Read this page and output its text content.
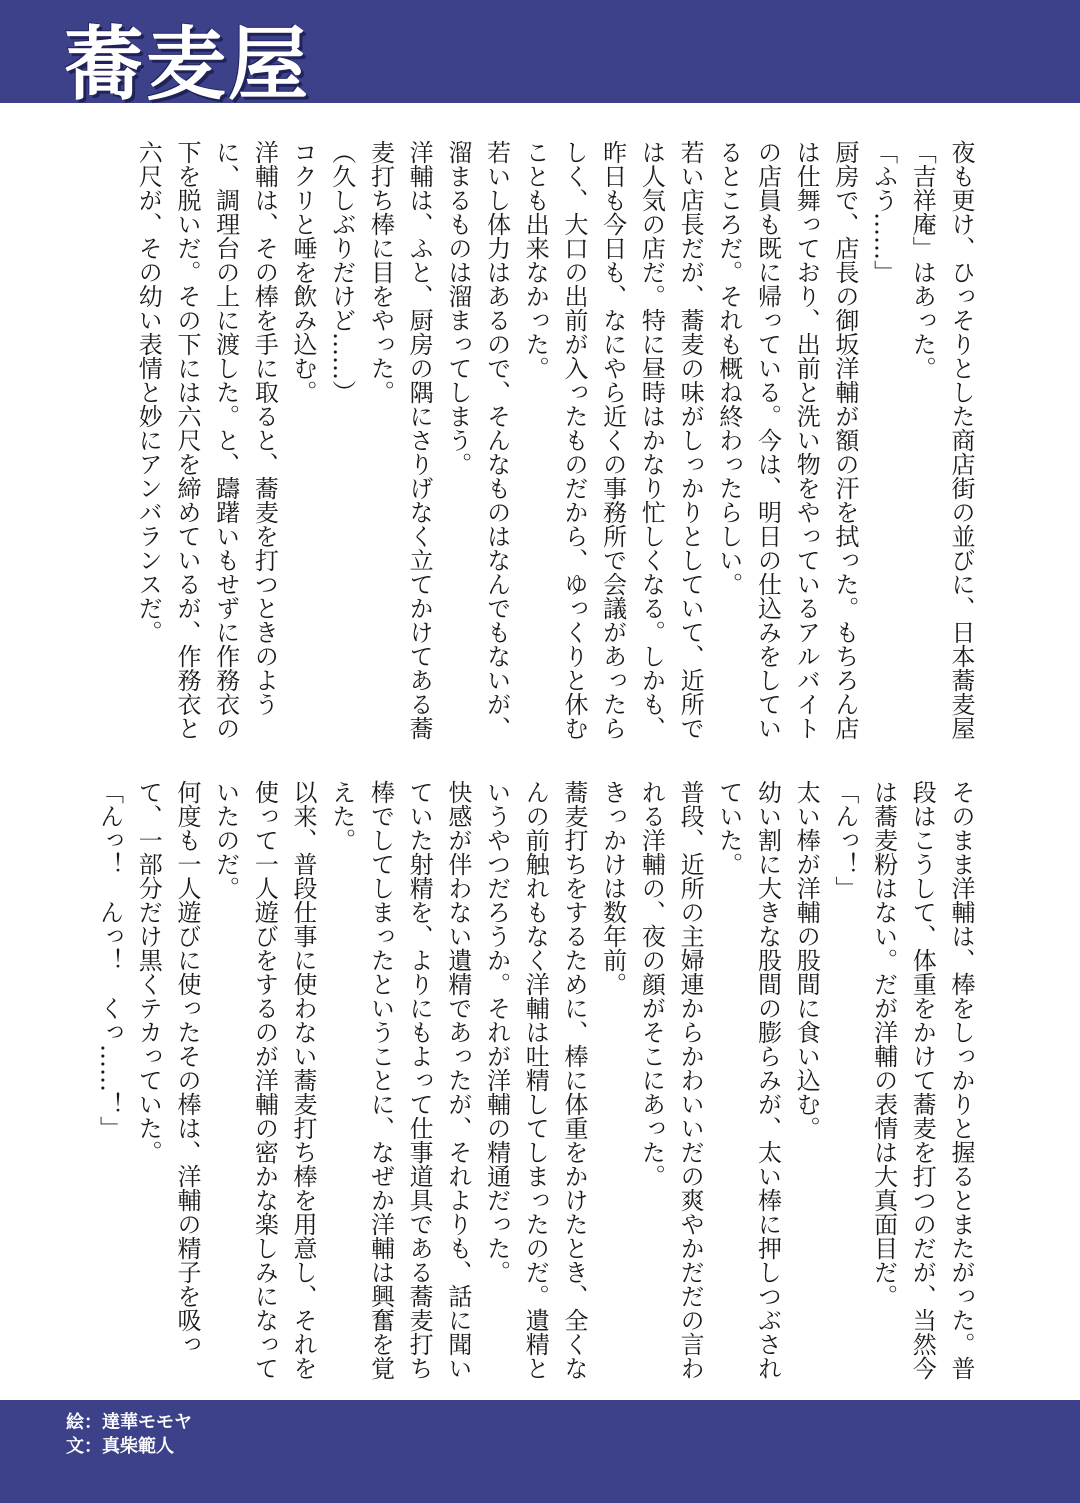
蕎麦屋

夜も更け、ひっそりとした商店街の並びに、日本蕎麦屋「吉祥庵」はあった。

「ふう……」

厨房で、店長の御坂洋輔が額の汗を拭った。もちろん店は仕舞っており、出前と洗い物をやっているアルバイトの店員も既に帰っている。今は、明日の仕込みをしているところだ。それも概ね終わったらしい。

若い店長だが、蕎麦の味がしっかりとしていて、近所では人気の店だ。特に昼時はかなり忙しくなる。しかも、昨日も今日も、なにやら近くの事務所で会議があったらしく、大口の出前が入ったものだから、ゆっくりと休むことも出来なかった。

若いし体力はあるので、そんなものはなんでもないが、溜まるものは溜まってしまう。

洋輔は、ふと、厨房の隅にさりげなく立てかけてある蕎麦打ち棒に目をやった。

（久しぶりだけど……）

コクリと唾を飲み込む。

洋輔は、その棒を手に取ると、蕎麦を打つときのように、調理台の上に渡した。と、躊躇いもせずに作務衣の下を脱いだ。その下には六尺を締めているが、作務衣と六尺が、その幼い表情と妙にアンバランスだ。

そのまま洋輔は、棒をしっかりと握るとまたがった。普段はこうして、体重をかけて蕎麦を打つのだが、当然今は蕎麦粉はない。だが洋輔の表情は大真面目だ。

「んっ！」

太い棒が洋輔の股間に食い込む。

幼い割に大きな股間の膨らみが、太い棒に押しつぶされていた。

普段、近所の主婦連からかわいいだの爽やかだだの言われる洋輔の、夜の顔がそこにあった。

きっかけは数年前。

蕎麦打ちをするために、棒に体重をかけたとき、全くなんの前触れもなく洋輔は吐精してしまったのだ。遺精というやつだろうか。それが洋輔の精通だった。

快感が伴わない遺精であったが、それよりも、話に聞いていた射精を、よりにもよって仕事道具である蕎麦打ち棒でしてしまったということに、なぜか洋輔は興奮を覚えた。

以来、普段仕事に使わない蕎麦打ち棒を用意し、それを使って一人遊びをするのが洋輔の密かな楽しみになっていたのだ。

何度も一人遊びに使ったその棒は、洋輔の精子を吸って、一部分だけ黒くテカっていた。

「んっ！　んっ！　くっ……！」

絵：達華モモヤ
文：真柴範人
